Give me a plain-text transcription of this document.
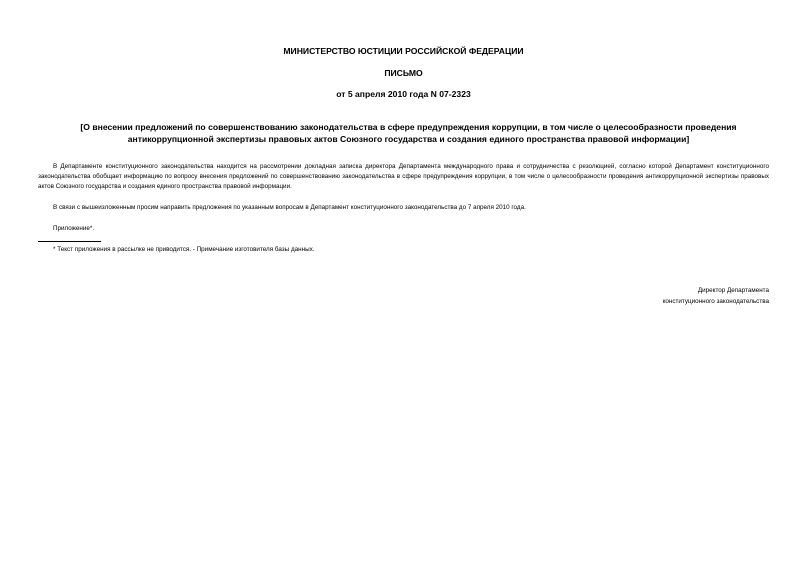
МИНИСТЕРСТВО ЮСТИЦИИ РОССИЙСКОЙ ФЕДЕРАЦИИ
ПИСЬМО
от 5 апреля 2010 года N 07-2323
[О внесении предложений по совершенствованию законодательства в сфере предупреждения коррупции, в том числе о целесообразности проведения антикоррупционной экспертизы правовых актов Союзного государства и создания единого пространства правовой информации]
В Департаменте конституционного законодательства находится на рассмотрении докладная записка директора Департамента международного права и сотрудничества с резолюцией, согласно которой Департамент конституционного законодательства обобщает информацию по вопросу внесения предложений по совершенствованию законодательства в сфере предупреждения коррупции, в том числе о целесообразности проведения антикоррупционной экспертизы правовых актов Союзного государства и создания единого пространства правовой информации.
В связи с вышеизложенным просим направить предложения по указанным вопросам в Департамент конституционного законодательства до 7 апреля 2010 года.
Приложение*.
* Текст приложения в рассылке не приводится. - Примечание изготовителя базы данных.
Директор Департамента
конституционного законодательства
